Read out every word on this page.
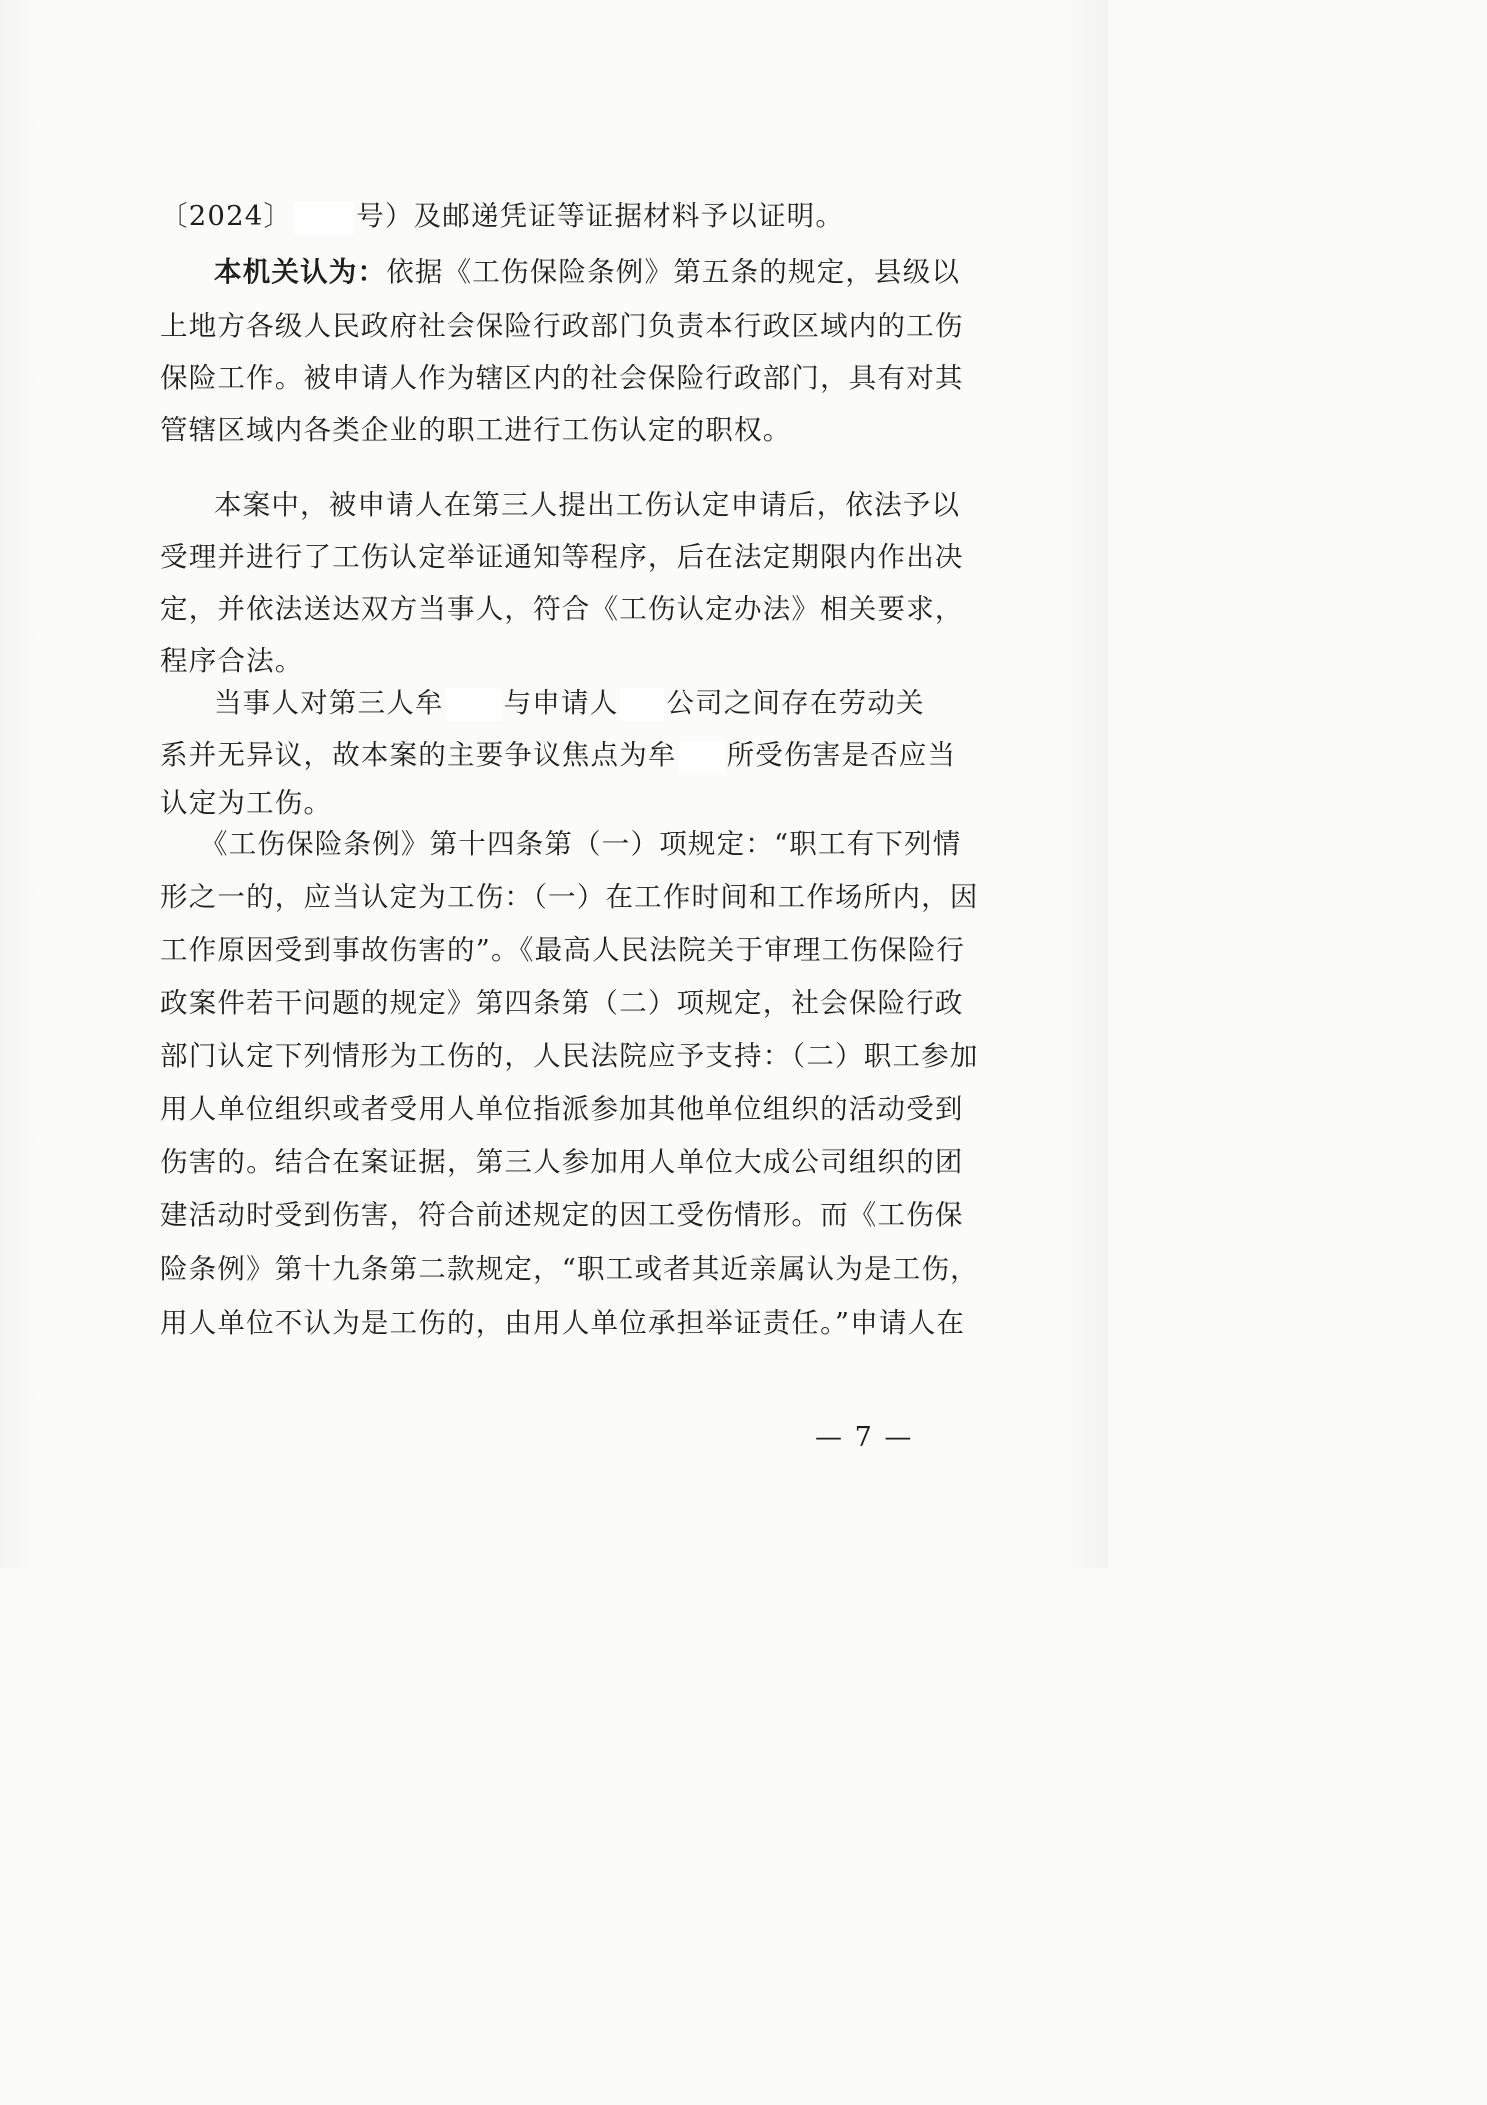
〔2024〕 号）及邮递凭证等证据材料予以证明。
本机关认为：依据《工伤保险条例》第五条的规定，县级以
上地方各级人民政府社会保险行政部门负责本行政区域内的工伤
保险工作。被申请人作为辖区内的社会保险行政部门，具有对其
管辖区域内各类企业的职工进行工伤认定的职权。
本案中，被申请人在第三人提出工伤认定申请后，依法予以
受理并进行了工伤认定举证通知等程序，后在法定期限内作出决
定，并依法送达双方当事人，符合《工伤认定办法》相关要求，
程序合法。
当事人对第三人牟 与申请人 公司之间存在劳动关
系并无异议，故本案的主要争议焦点为牟 所受伤害是否应当
认定为工伤。
《工伤保险条例》第十四条第（一）项规定：“职工有下列情
形之一的，应当认定为工伤：（一）在工作时间和工作场所内，因
工作原因受到事故伤害的”。《最高人民法院关于审理工伤保险行
政案件若干问题的规定》第四条第（二）项规定，社会保险行政
部门认定下列情形为工伤的，人民法院应予支持：（二）职工参加
用人单位组织或者受用人单位指派参加其他单位组织的活动受到
伤害的。结合在案证据，第三人参加用人单位大成公司组织的团
建活动时受到伤害，符合前述规定的因工受伤情形。而《工伤保
险条例》第十九条第二款规定，“职工或者其近亲属认为是工伤，
用人单位不认为是工伤的，由用人单位承担举证责任。”申请人在
— 7 —
